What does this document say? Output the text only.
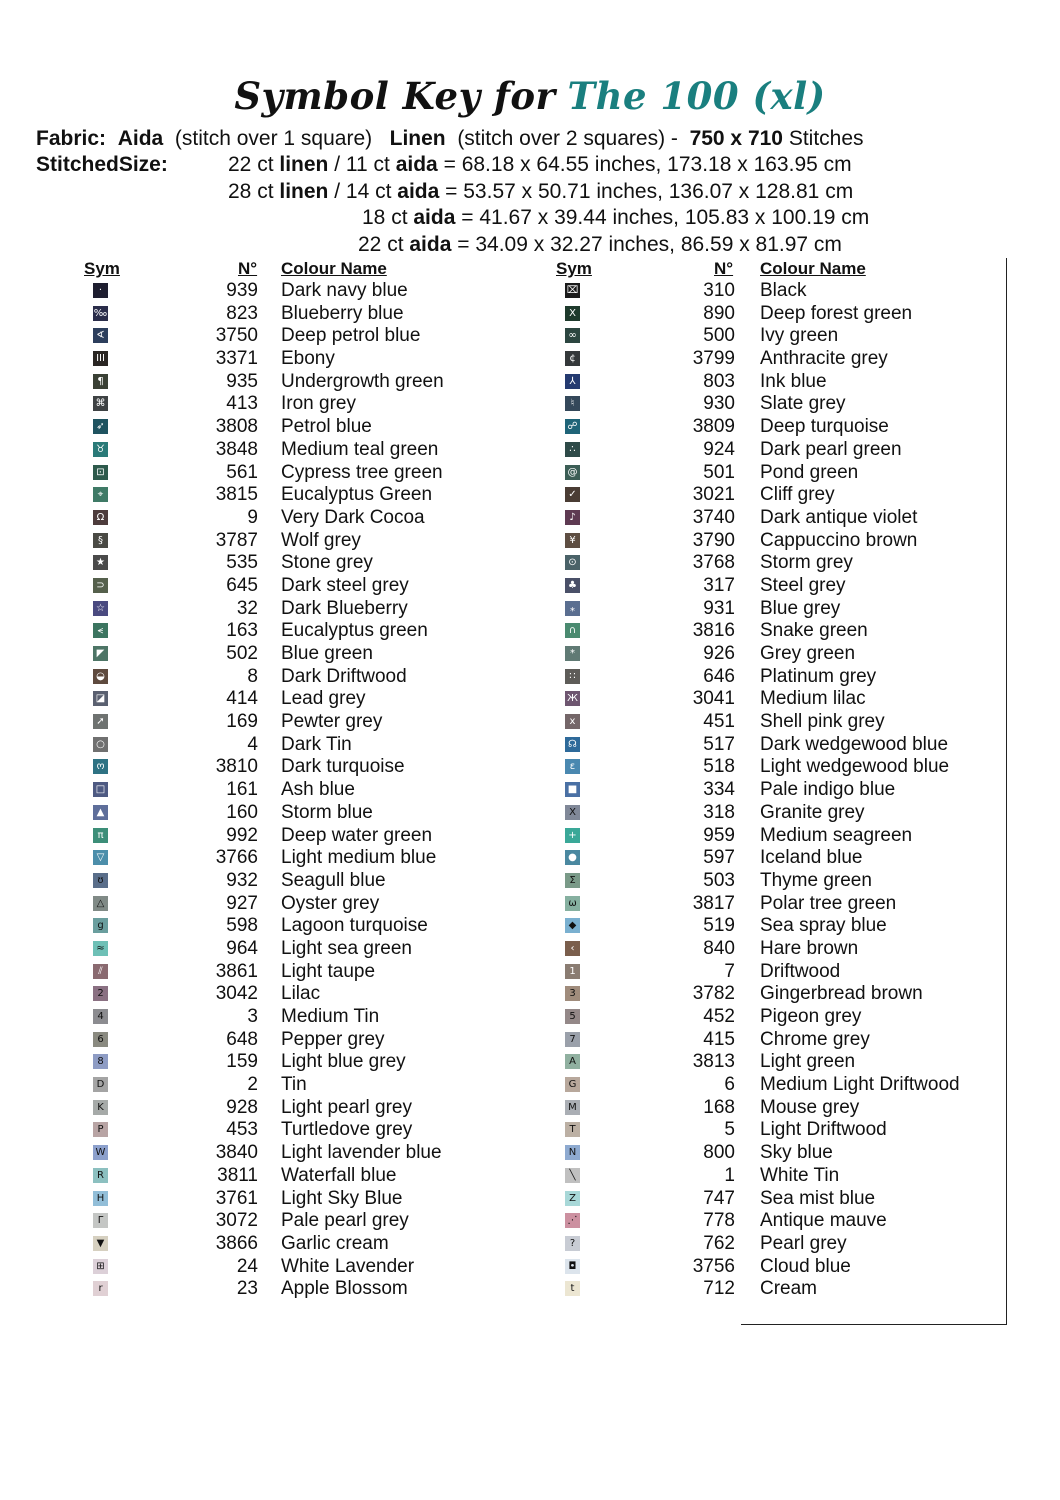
Symbol Key for The 100 (xl)
Fabric: Aida (stitch over 1 square) Linen (stitch over 2 squares) - 750 x 710 Stitches
StitchedSize:	22 ct linen / 11 ct aida = 68.18 x 64.55 inches, 173.18 x 163.95 cm
28 ct linen / 14 ct aida = 53.57 x 50.71 inches, 136.07 x 128.81 cm
18 ct aida = 41.67 x 39.44 inches, 105.83 x 100.19 cm
22 ct aida = 34.09 x 32.27 inches, 86.59 x 81.97 cm
Sym	N° Colour Name
·	939 Dark navy blue
‰	823 Blueberry blue
∢	3750 Deep petrol blue
III	3371 Ebony
¶	935 Undergrowth green
⌘	413 Iron grey
➶	3808 Petrol blue
♉	3848 Medium teal green
⊡	561 Cypress tree green
⌖	3815 Eucalyptus Green
Ω	9 Very Dark Cocoa
§	3787 Wolf grey
★	535 Stone grey
⊃	645 Dark steel grey
☆	32 Dark Blueberry
⪪	163 Eucalyptus green
◤	502 Blue green
◒	8 Dark Driftwood
◪	414 Lead grey
➚	169 Pewter grey
○	4 Dark Tin
ო	3810 Dark turquoise
□	161 Ash blue
▲	160 Storm blue
π	992 Deep water green
▽	3766 Light medium blue
ʊ	932 Seagull blue
△	927 Oyster grey
g	598 Lagoon turquoise
≈	964 Light sea green
⫽	3861 Light taupe
2	3042 Lilac
4	3 Medium Tin
6	648 Pepper grey
8	159 Light blue grey
D	2 Tin
K	928 Light pearl grey
P	453 Turtledove grey
W	3840 Light lavender blue
R	3811 Waterfall blue
H	3761 Light Sky Blue
Γ	3072 Pale pearl grey
▼	3866 Garlic cream
⊞	24 White Lavender
r	23 Apple Blossom
Sym	N° Colour Name
⌧	310 Black
X	890 Deep forest green
∞	500 Ivy green
¢	3799 Anthracite grey
⅄	803 Ink blue
♮	930 Slate grey
☍	3809 Deep turquoise
∴	924 Dark pearl green
@	501 Pond green
✓	3021 Cliff grey
♪	3740 Dark antique violet
¥	3790 Cappuccino brown
⊙	3768 Storm grey
♣	317 Steel grey
⁎	931 Blue grey
∩	3816 Snake green
*	926 Grey green
∷	646 Platinum grey
Ж	3041 Medium lilac
x	451 Shell pink grey
☊	517 Dark wedgewood blue
ε	518 Light wedgewood blue
■	334 Pale indigo blue
X	318 Granite grey
+	959 Medium seagreen
●	597 Iceland blue
Σ	503 Thyme green
ω	3817 Polar tree green
◆	519 Sea spray blue
‹	840 Hare brown
1	7 Driftwood
3	3782 Gingerbread brown
5	452 Pigeon grey
7	415 Chrome grey
A	3813 Light green
G	6 Medium Light Driftwood
M	168 Mouse grey
T	5 Light Driftwood
N	800 Sky blue
╲	1 White Tin
Z	747 Sea mist blue
⋰	778 Antique mauve
?	762 Pearl grey
◘	3756 Cloud blue
t	712 Cream
